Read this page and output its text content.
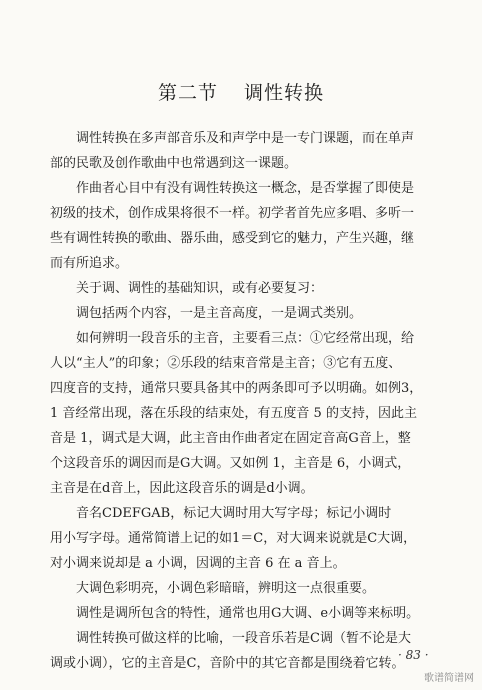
第二节 调性转换

调性转换在多声部音乐及和声学中是一专门课题，而在单声
部的民歌及创作歌曲中也常遇到这一课题。

作曲者心目中有没有调性转换这一概念，是否掌握了即使是
初级的技术，创作成果将很不一样。初学者首先应多唱、多听一
些有调性转换的歌曲、器乐曲，感受到它的魅力，产生兴趣，继
而有所追求。

关于调、调性的基础知识，或有必要复习：

调包括两个内容，一是主音高度，一是调式类别。

如何辨明一段音乐的主音，主要看三点：①它经常出现，给
人以“主人”的印象；②乐段的结束音常是主音；③它有五度、
四度音的支持，通常只要具备其中的两条即可予以明确。如例3，
1 音经常出现，落在乐段的结束处，有五度音 5 的支持，因此主
音是 1，调式是大调，此主音由作曲者定在固定音高G音上，整
个这段音乐的调因而是G大调。又如例 1，主音是 6，小调式，
主音是在d音上，因此这段音乐的调是d小调。

音名CDEFGAB，标记大调时用大写字母；标记小调时
用小写字母。通常简谱上记的如1＝C，对大调来说就是C大调，
对小调来说却是 a 小调，因调的主音 6 在 a 音上。

大调色彩明亮，小调色彩暗暗，辨明这一点很重要。

调性是调所包含的特性，通常也用G大调、e小调等来标明。

调性转换可做这样的比喻，一段音乐若是C调（暂不论是大
调或小调），它的主音是C，音阶中的其它音都是围绕着它转。

· 83 ·
歌谱简谱网
